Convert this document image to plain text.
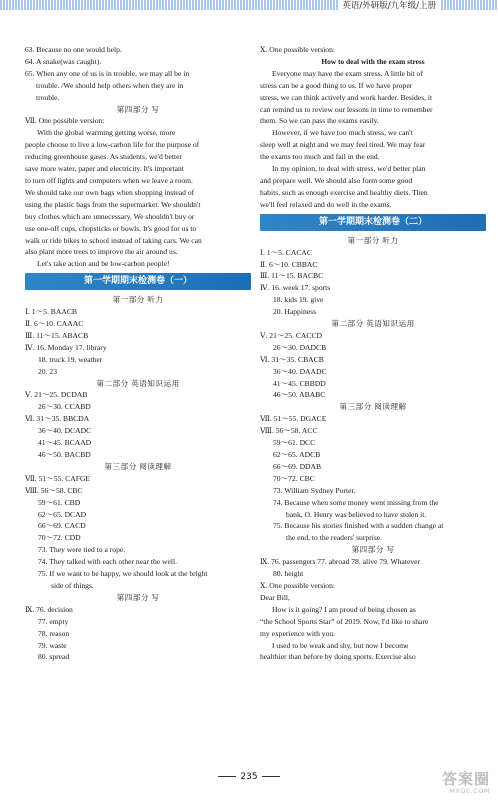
英语/外研版/九年级/上册
63. Because no one would help.
64. A snake(was caught).
65. When any one of us is in trouble, we may all be in
trouble. /We should help others when they are in
trouble.
第四部分 写
Ⅶ. One possible version:
With the global warming getting worse, more
people choose to live a low-carbon life for the purpose of
reducing greenhouse gases. As students, we'd better
save more water, paper and electricity. It's important
to turn off lights and computers when we leave a room.
We should take our own bags when shopping instead of
using the plastic bags from the supermarket. We shouldn't
buy clothes which are unnecessary. We shouldn't buy or
use one-off cups, chopsticks or bowls. It's good for us to
walk or ride bikes to school instead of taking cars. We can
also plant more trees to improve the air around us.
Let's take action and be low-carbon people!
第一学期期末检测卷（一）
第一部分 听力
Ⅰ. 1～5. BAACB
Ⅱ. 6～10. CAAAC
Ⅲ. 11～15. ABACB
Ⅳ. 16. Monday 17. library
18. truck 19. weather
20. 23
第二部分 英语知识运用
Ⅴ. 21～25. DCDAB
26～30. CCABD
Ⅵ. 31～35. BBCDA
36～40. DCADC
41～45. BCAAD
46～50. BACBD
第三部分 阅读理解
Ⅶ. 51～55. CAFGE
Ⅷ. 56～58. CBC
59～61. CBD
62～65. DCAD
66～69. CACD
70～72. CDD
73. They were tied to a rope.
74. They talked with each other near the well.
75. If we want to be happy, we should look at the bright
side of things.
第四部分 写
Ⅸ. 76. decision
77. empty
78. reason
79. waste
80. spread
Ⅹ. One possible version:
How to deal with the exam stress
Everyone may have the exam stress. A little bit of
stress can be a good thing to us. If we have proper
stress, we can think actively and work harder. Besides, it
can remind us to review our lessons in time to remember
them. So we can pass the exams easily.
However, if we have too much stress, we can't
sleep well at night and we may feel tired. We may fear
the exams too much and fail in the end.
In my opinion, to deal with stress, we'd better plan
and prepare well. We should also form some good
habits, such as enough exercise and healthy diets. Then
we'll feel relaxed and do well in the exams.
第一学期期末检测卷（二）
第一部分 听力
Ⅰ. 1～5. CACAC
Ⅱ. 6～10. CBBAC
Ⅲ. 11～15. BACBC
Ⅳ. 16. week 17. sports
18. kids 19. give
20. Happiness
第二部分 英语知识运用
Ⅴ. 21～25. CACCD
26～30. DADCB
Ⅵ. 31～35. CBACB
36～40. DAADC
41～45. CBBDD
46～50. ABABC
第三部分 阅读理解
Ⅶ. 51～55. DGACE
Ⅷ. 56～58. ACC
59～61. DCC
62～65. ADCB
66～69. DDAB
70～72. CBC
73. William Sydney Porter.
74. Because when some money went missing from the
bank, O. Henry was believed to have stolen it.
75. Because his stories finished with a sudden change at
the end, to the readers' surprise.
第四部分 写
Ⅸ. 76. passengers 77. abroad 78. alive 79. Whatever
80. height
Ⅹ. One possible version:
Dear Bill,
How is it going? I am proud of being chosen as
“the School Sports Star” of 2019. Now, I'd like to share
my experience with you.
I used to be weak and shy, but now I become
healthier than before by doing sports. Exercise also
235	答案圈
MXQE.COM
